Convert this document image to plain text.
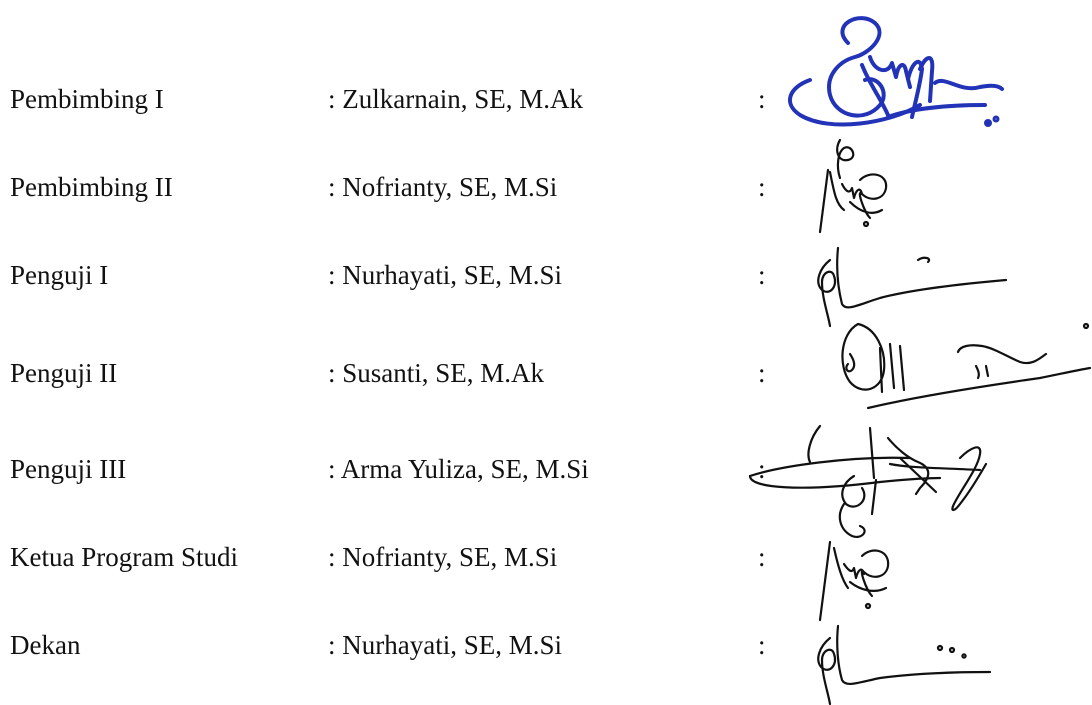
Pembimbing I	: Zulkarnain, SE, M.Ak	:
Pembimbing II	: Nofrianty, SE, M.Si	:
Penguji I	: Nurhayati, SE, M.Si	:
Penguji II	: Susanti, SE, M.Ak	:
Penguji III	: Arma Yuliza, SE, M.Si	:
Ketua Program Studi	: Nofrianty, SE, M.Si	:
Dekan	: Nurhayati, SE, M.Si	:
